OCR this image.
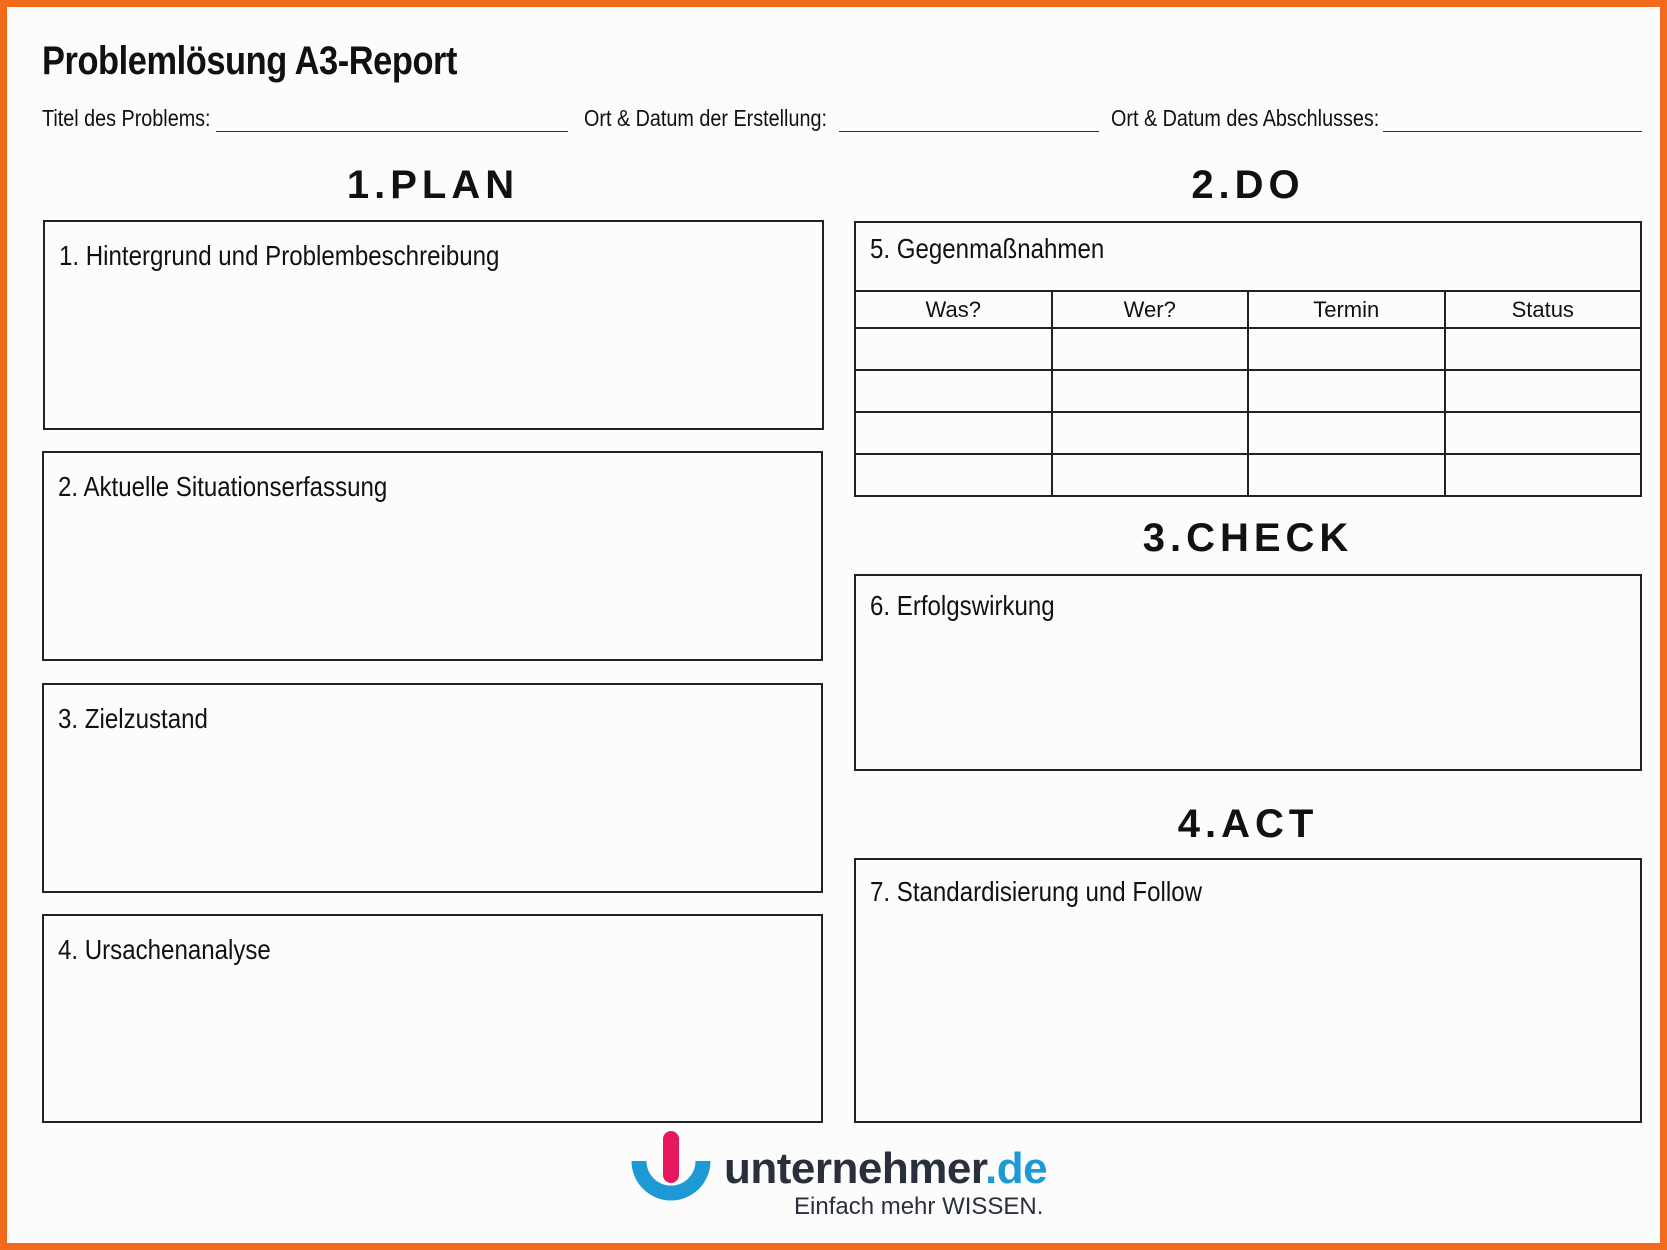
Problemlösung A3-Report
Titel des Problems:	Ort & Datum der Erstellung:	Ort & Datum des Abschlusses:
1.PLAN	2.DO
3.CHECK
4.ACT
1. Hintergrund und Problembeschreibung
2. Aktuelle Situationserfassung
3. Zielzustand
4. Ursachenanalyse
5. Gegenmaßnahmen
Was?	Wer?	Termin	Status

6. Erfolgswirkung
7. Standardisierung und Follow
unternehmer.de
Einfach mehr WISSEN.
